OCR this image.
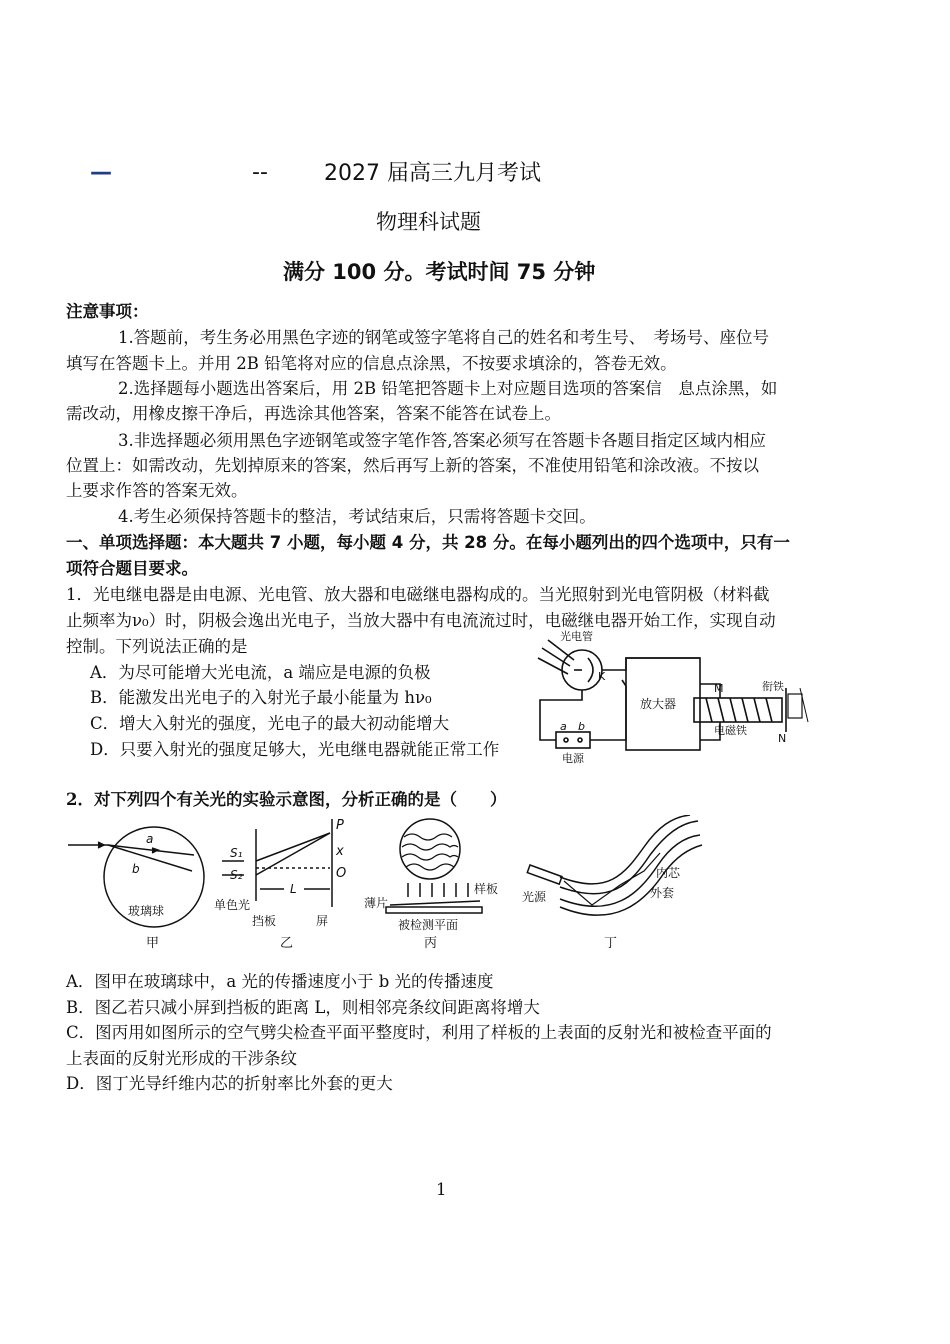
—	--	2027 届高三九月考试
物理科试题
满分 100 分。考试时间 75 分钟
注意事项：
1.答题前，考生务必用黑色字迹的钢笔或签字笔将自己的姓名和考生号、　考场号、座位号
填写在答题卡上。并用 2B 铅笔将对应的信息点涂黑，不按要求填涂的，答卷无效。
2.选择题每小题选出答案后，用 2B 铅笔把答题卡上对应题目选项的答案信　息点涂黑，如
需改动，用橡皮擦干净后，再选涂其他答案，答案不能答在试卷上。
3.非选择题必须用黑色字迹钢笔或签字笔作答,答案必须写在答题卡各题目指定区域内相应
位置上：如需改动，先划掉原来的答案，然后再写上新的答案，不准使用铅笔和涂改液。不按以
上要求作答的答案无效。
4.考生必须保持答题卡的整洁，考试结束后，只需将答题卡交回。
一、单项选择题：本大题共 7 小题，每小题 4 分，共 28 分。在每小题列出的四个选项中，只有一
项符合题目要求。
1．光电继电器是由电源、光电管、放大器和电磁继电器构成的。当光照射到光电管阴极（材料截
止频率为ν₀）时，阴极会逸出光电子，当放大器中有电流流过时，电磁继电器开始工作，实现自动
控制。下列说法正确的是
A．为尽可能增大光电流，a 端应是电源的负极
B．能激发出光电子的入射光子最小能量为 hν₀
C．增大入射光的强度，光电子的最大初动能增大
D．只要入射光的强度足够大，光电继电器就能正常工作
光电管
K
放大器
M	衔铁
电磁铁
N
a b
电源
2．对下列四个有关光的实验示意图，分析正确的是（　　）
a
b
玻璃球
甲
S₁
S₂
P
x
O
L
单色光
挡板	屏
乙
薄片
样板
被检测平面
丙
光源
内芯
外套
丁
A．图甲在玻璃球中，a 光的传播速度小于 b 光的传播速度
B．图乙若只减小屏到挡板的距离 L，则相邻亮条纹间距离将增大
C．图丙用如图所示的空气劈尖检查平面平整度时，利用了样板的上表面的反射光和被检查平面的
上表面的反射光形成的干涉条纹
D．图丁光导纤维内芯的折射率比外套的更大
1
